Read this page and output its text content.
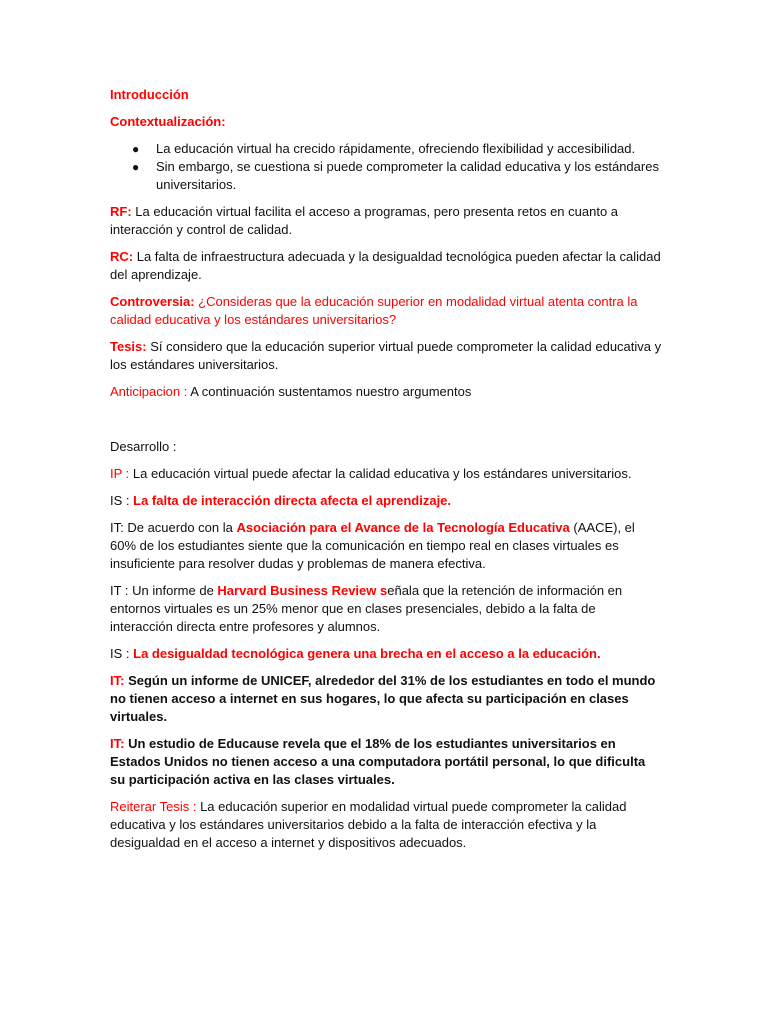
Introducción

Contextualización:

● La educación virtual ha crecido rápidamente, ofreciendo flexibilidad y accesibilidad.
● Sin embargo, se cuestiona si puede comprometer la calidad educativa y los estándares universitarios.

RF: La educación virtual facilita el acceso a programas, pero presenta retos en cuanto a interacción y control de calidad.

RC: La falta de infraestructura adecuada y la desigualdad tecnológica pueden afectar la calidad del aprendizaje.

Controversia: ¿Consideras que la educación superior en modalidad virtual atenta contra la calidad educativa y los estándares universitarios?

Tesis: Sí considero que la educación superior virtual puede comprometer la calidad educativa y los estándares universitarios.

Anticipacion : A continuación sustentamos nuestro argumentos

Desarrollo :

IP : La educación virtual puede afectar la calidad educativa y los estándares universitarios.

IS : La falta de interacción directa afecta el aprendizaje.

IT: De acuerdo con la Asociación para el Avance de la Tecnología Educativa (AACE), el 60% de los estudiantes siente que la comunicación en tiempo real en clases virtuales es insuficiente para resolver dudas y problemas de manera efectiva.

IT : Un informe de Harvard Business Review señala que la retención de información en entornos virtuales es un 25% menor que en clases presenciales, debido a la falta de interacción directa entre profesores y alumnos.

IS : La desigualdad tecnológica genera una brecha en el acceso a la educación.

IT: Según un informe de UNICEF, alrededor del 31% de los estudiantes en todo el mundo no tienen acceso a internet en sus hogares, lo que afecta su participación en clases virtuales.

IT: Un estudio de Educause revela que el 18% de los estudiantes universitarios en Estados Unidos no tienen acceso a una computadora portátil personal, lo que dificulta su participación activa en las clases virtuales.

Reiterar Tesis : La educación superior en modalidad virtual puede comprometer la calidad educativa y los estándares universitarios debido a la falta de interacción efectiva y la desigualdad en el acceso a internet y dispositivos adecuados.
